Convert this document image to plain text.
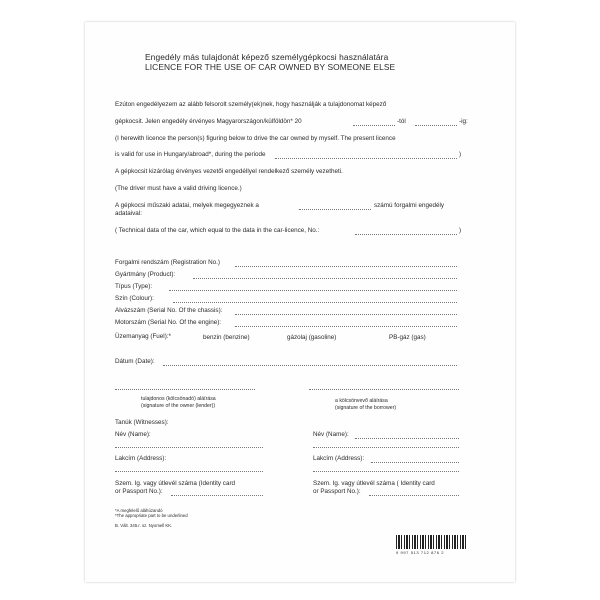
Engedély más tulajdonát képező személygépkocsi használatára
LICENCE FOR THE USE OF CAR OWNED BY SOMEONE ELSE
Ezúton engedélyezem az alább felsorolt személy(ek)nek, hogy használják a tulajdonomat képező
gépkocsit. Jelen engedély érvényes Magyarországon/külföldön* 20	-tól	-ig:
(I herewith licence the person(s) figuring below to drive the car owned by myself. The present licence
is valid for use in Hungary/abroad*, during the periode	)
A gépkocsit kizárólag érvényes vezetői engedéllyel rendelkező személy vezetheti.
(The driver must have a valid driving licence.)
A gépkocsi műszaki adatai, melyek megegyeznek a	számú forgalmi engedély
adataival:
( Technical data of the car, which equal to the data in the car-licence, No.:	)
Forgalmi rendszám (Registration No.)
Gyártmány (Product):
Típus (Type):
Szín (Colour):
Alvázszám (Serial No. Of the chassis):
Motorszám (Serial No. Of the engine):
Üzemanyag (Fuel):*	benzin (benzine)	gázolaj (gasoline)	PB-gáz (gas)
Dátum (Date):
tulajdonos (kölcsönadó) aláírása
(signature of the owner (lender))
a kölcsönvevő aláírása
(signature of the borrower)
Tanúk (Witnesses):
Név (Name):	Név (Name):
Lakcím (Address):	Lakcím (Address):
Szem. Ig. vagy útlevél száma (Identity card
or Passport No.):
Szem. Ig. vagy útlevél száma ( Identity card
or Passport No.):
*A megfelelő aláhúzandó
*The appropriate part to be underlined
B. Vált. 345.r. sz. Nyomell KK.
9 997 513 712 876 2
